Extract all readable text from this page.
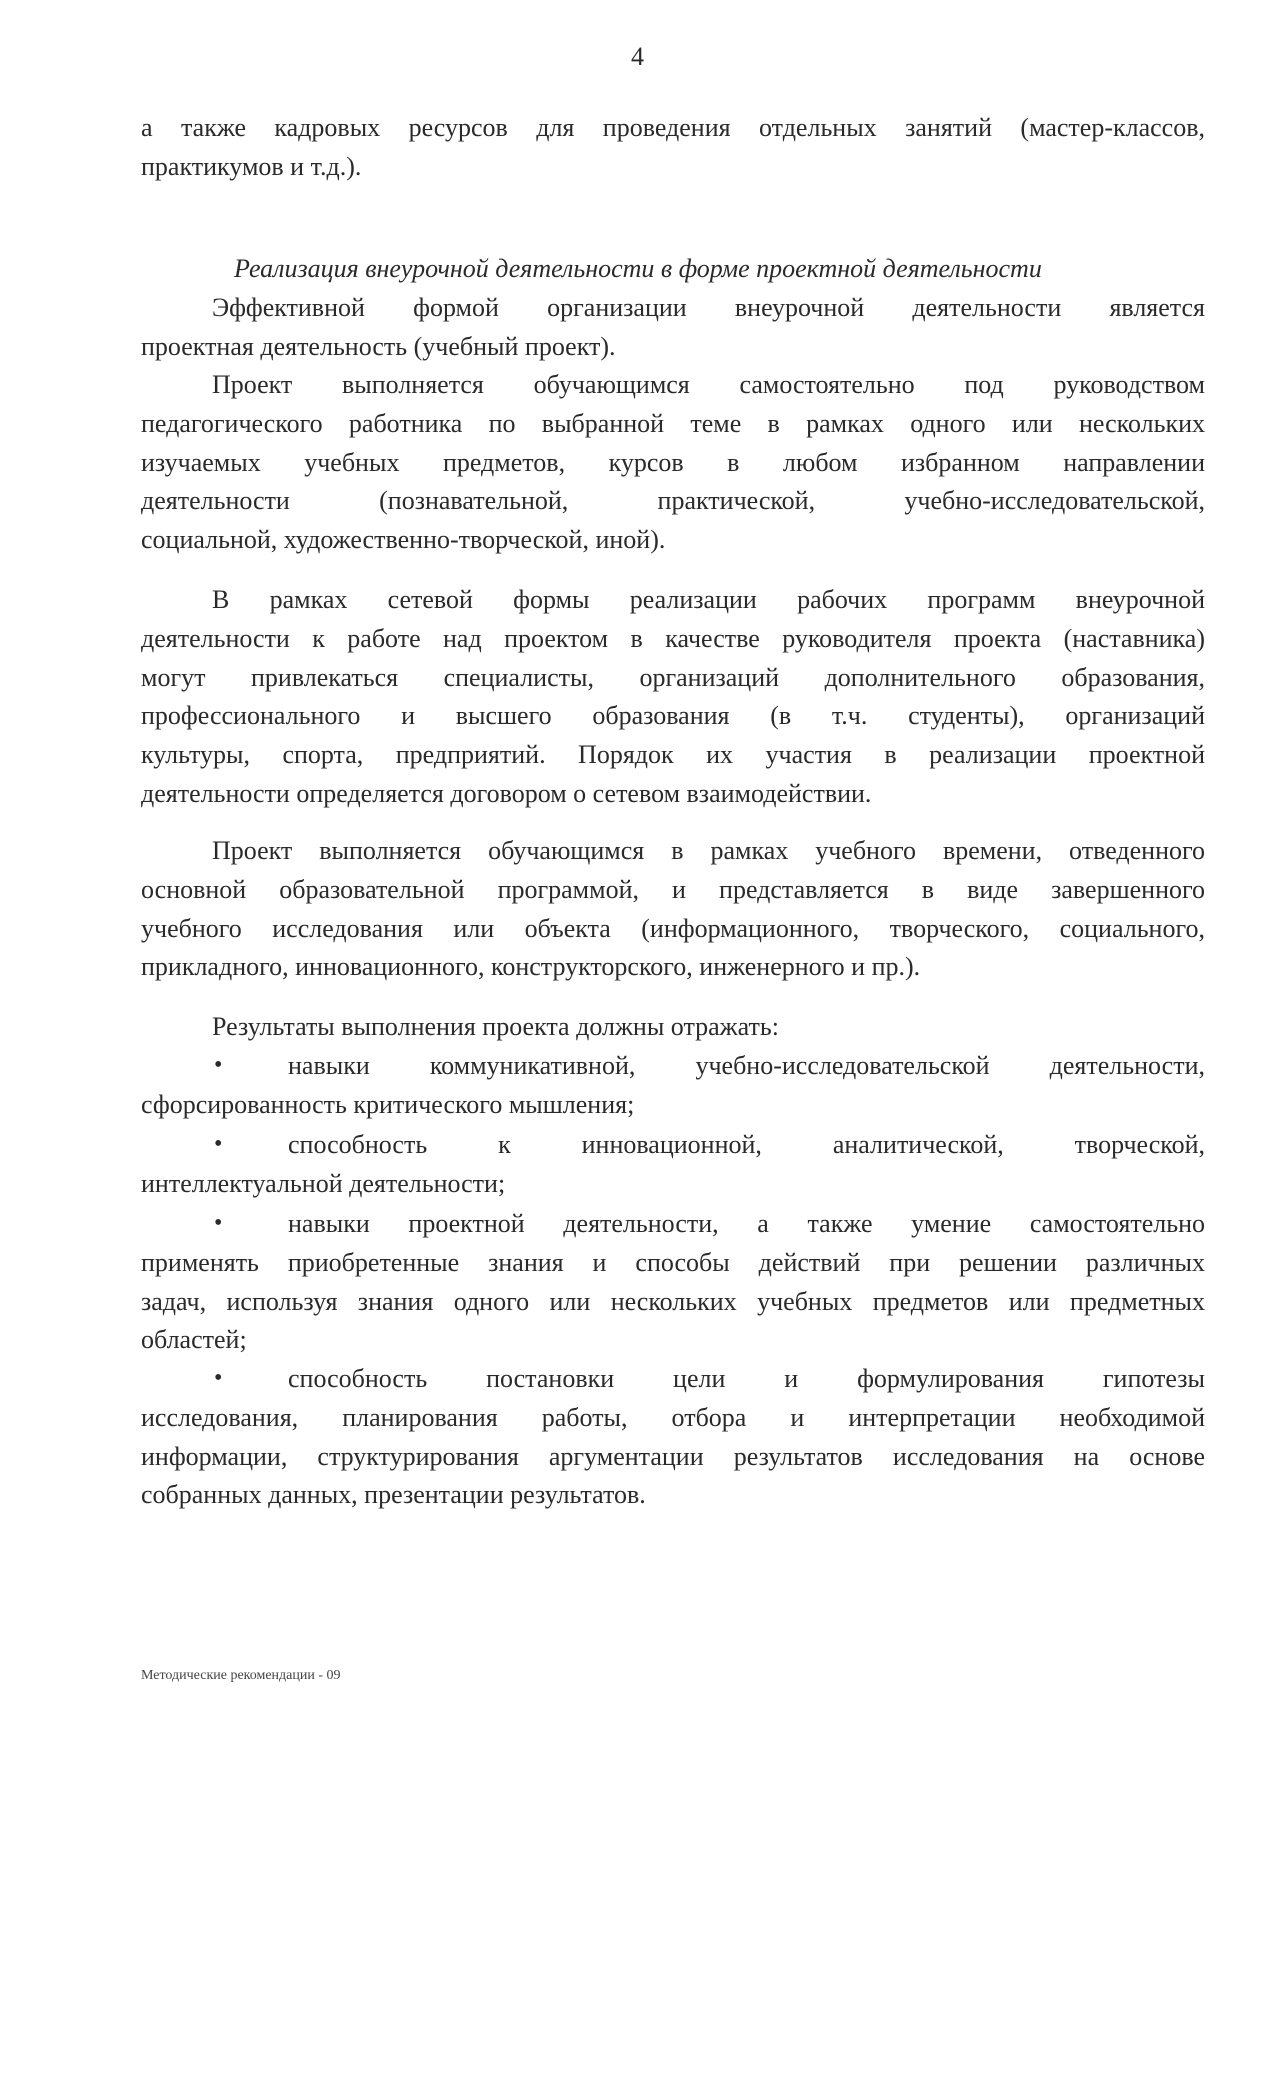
4
а также кадровых ресурсов для проведения отдельных занятий (мастер-классов,
практикумов и т.д.).
Реализация внеурочной деятельности в форме проектной деятельности
Эффективной формой организации внеурочной деятельности является
проектная деятельность (учебный проект).
Проект выполняется обучающимся самостоятельно под руководством
педагогического работника по выбранной теме в рамках одного или нескольких
изучаемых учебных предметов, курсов в любом избранном направлении
деятельности (познавательной, практической, учебно-исследовательской,
социальной, художественно-творческой, иной).
В рамках сетевой формы реализации рабочих программ внеурочной
деятельности к работе над проектом в качестве руководителя проекта (наставника)
могут привлекаться специалисты, организаций дополнительного образования,
профессионального и высшего образования (в т.ч. студенты), организаций
культуры, спорта, предприятий. Порядок их участия в реализации проектной
деятельности определяется договором о сетевом взаимодействии.
Проект выполняется обучающимся в рамках учебного времени, отведенного
основной образовательной программой, и представляется в виде завершенного
учебного исследования или объекта (информационного, творческого, социального,
прикладного, инновационного, конструкторского, инженерного и пр.).
Результаты выполнения проекта должны отражать:
•	навыки коммуникативной, учебно-исследовательской деятельности,
сфорсированность критического мышления;
•	способность к инновационной, аналитической, творческой,
интеллектуальной деятельности;
•	навыки проектной деятельности, а также умение самостоятельно
применять приобретенные знания и способы действий при решении различных
задач, используя знания одного или нескольких учебных предметов или предметных
областей;
•	способность постановки цели и формулирования гипотезы
исследования, планирования работы, отбора и интерпретации необходимой
информации, структурирования аргументации результатов исследования на основе
собранных данных, презентации результатов.
Методические рекомендации - 09
